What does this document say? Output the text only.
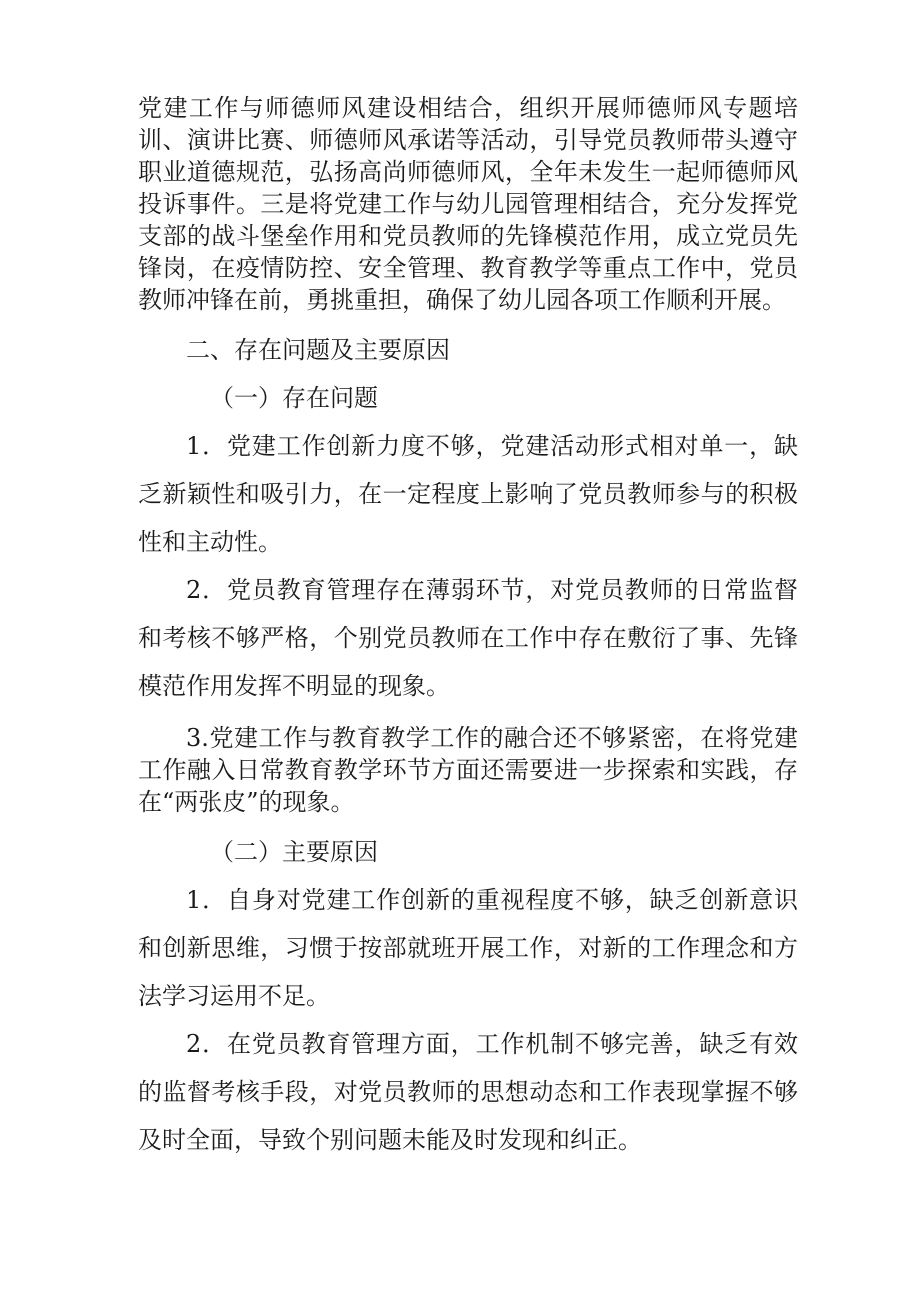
党建工作与师德师风建设相结合，组织开展师德师风专题培训、演讲比赛、师德师风承诺等活动，引导党员教师带头遵守职业道德规范，弘扬高尚师德师风，全年未发生一起师德师风投诉事件。三是将党建工作与幼儿园管理相结合，充分发挥党支部的战斗堡垒作用和党员教师的先锋模范作用，成立党员先锋岗，在疫情防控、安全管理、教育教学等重点工作中，党员教师冲锋在前，勇挑重担，确保了幼儿园各项工作顺利开展。

二、存在问题及主要原因

（一）存在问题

1．党建工作创新力度不够，党建活动形式相对单一，缺乏新颖性和吸引力，在一定程度上影响了党员教师参与的积极性和主动性。

2．党员教育管理存在薄弱环节，对党员教师的日常监督和考核不够严格，个别党员教师在工作中存在敷衍了事、先锋模范作用发挥不明显的现象。

3.党建工作与教育教学工作的融合还不够紧密，在将党建工作融入日常教育教学环节方面还需要进一步探索和实践，存在“两张皮”的现象。

（二）主要原因

1．自身对党建工作创新的重视程度不够，缺乏创新意识和创新思维，习惯于按部就班开展工作，对新的工作理念和方法学习运用不足。

2．在党员教育管理方面，工作机制不够完善，缺乏有效的监督考核手段，对党员教师的思想动态和工作表现掌握不够及时全面，导致个别问题未能及时发现和纠正。
